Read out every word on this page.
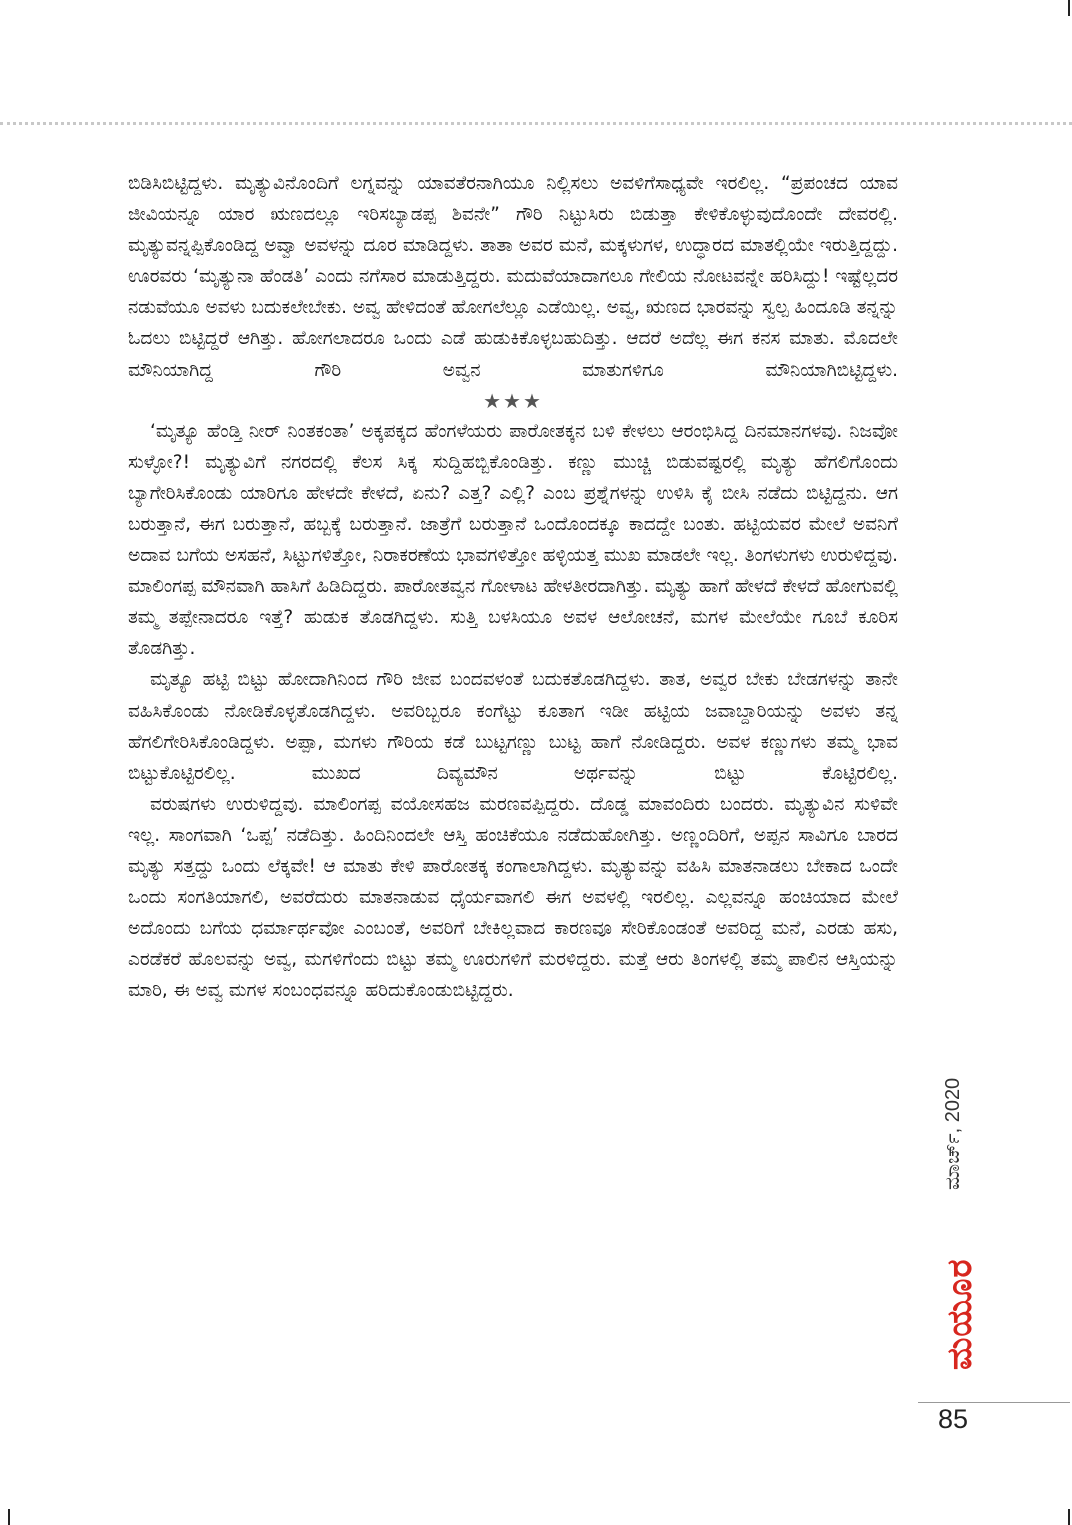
ಬಿಡಿಸಿಬಿಟ್ಟಿದ್ದಳು. ಮೃತ್ಯುವಿನೊಂದಿಗೆ ಲಗ್ನವನ್ನು ಯಾವತೆರನಾಗಿಯೂ ನಿಲ್ಲಿಸಲು ಅವಳಿಗೆಸಾಧ್ಯವೇ ಇರಲಿಲ್ಲ. “ಪ್ರಪಂಚದ ಯಾವ ಜೀವಿಯನ್ನೂ ಯಾರ ಋಣದಲ್ಲೂ ಇರಿಸಬ್ಯಾಡಪ್ಪ ಶಿವನೇ” ಗೌರಿ ನಿಟ್ಟುಸಿರು ಬಿಡುತ್ತಾ ಕೇಳಿಕೊಳ್ಳುವುದೊಂದೇ ದೇವರಲ್ಲಿ. ಮೃತ್ಯುವನ್ನಪ್ಪಿಕೊಂಡಿದ್ದ ಅವ್ವಾ ಅವಳನ್ನು ದೂರ ಮಾಡಿದ್ದಳು. ತಾತಾ ಅವರ ಮನೆ, ಮಕ್ಕಳುಗಳ, ಉದ್ಧಾರದ ಮಾತಲ್ಲಿಯೇ ಇರುತ್ತಿದ್ದದ್ದು. ಊರವರು ‘ಮೃತ್ಯುನಾ ಹೆಂಡತಿ’ ಎಂದು ನಗೆಸಾರ ಮಾಡುತ್ತಿದ್ದರು. ಮದುವೆಯಾದಾಗಲೂ ಗೇಲಿಯ ನೋಟವನ್ನೇ ಹರಿಸಿದ್ದು! ಇಷ್ಟೆಲ್ಲದರ ನಡುವೆಯೂ ಅವಳು ಬದುಕಲೇಬೇಕು. ಅವ್ವ ಹೇಳಿದಂತೆ ಹೋಗಲೆಲ್ಲೂ ಎಡೆಯಿಲ್ಲ. ಅವ್ವ, ಋಣದ ಭಾರವನ್ನು ಸ್ವಲ್ಪ ಹಿಂದೂಡಿ ತನ್ನನ್ನು ಓದಲು ಬಿಟ್ಟಿದ್ದರೆ ಆಗಿತ್ತು. ಹೋಗಲಾದರೂ ಒಂದು ಎಡೆ ಹುಡುಕಿಕೊಳ್ಳಬಹುದಿತ್ತು. ಆದರೆ ಅದೆಲ್ಲ ಈಗ ಕನಸ ಮಾತು. ಮೊದಲೇ ಮೌನಿಯಾಗಿದ್ದ ಗೌರಿ ಅವ್ವನ ಮಾತುಗಳಿಗೂ ಮೌನಿಯಾಗಿಬಿಟ್ಟಿದ್ದಳು.

★★★

‘ಮೃತ್ಯೂ ಹೆಂಡ್ತಿ ನೀರ್ ನಿಂತಕಂತಾ’ ಅಕ್ಕಪಕ್ಕದ ಹೆಂಗಳೆಯರು ಪಾರೋತಕ್ಕನ ಬಳಿ ಕೇಳಲು ಆರಂಭಿಸಿದ್ದ ದಿನಮಾನಗಳವು. ನಿಜವೋ ಸುಳ್ಳೋ?! ಮೃತ್ಯುವಿಗೆ ನಗರದಲ್ಲಿ ಕೆಲಸ ಸಿಕ್ಕ ಸುದ್ದಿಹಬ್ಬಿಕೊಂಡಿತ್ತು. ಕಣ್ಣು ಮುಚ್ಚಿ ಬಿಡುವಷ್ಟರಲ್ಲಿ ಮೃತ್ಯು ಹೆಗಲಿಗೊಂದು ಬ್ಯಾಗೇರಿಸಿಕೊಂಡು ಯಾರಿಗೂ ಹೇಳದೇ ಕೇಳದೆ, ಏನು? ಎತ್ತ? ಎಲ್ಲಿ? ಎಂಬ ಪ್ರಶ್ನೆಗಳನ್ನು ಉಳಿಸಿ ಕೈ ಬೀಸಿ ನಡೆದು ಬಿಟ್ಟಿದ್ದನು. ಆಗ ಬರುತ್ತಾನೆ, ಈಗ ಬರುತ್ತಾನೆ, ಹಬ್ಬಕ್ಕೆ ಬರುತ್ತಾನೆ. ಜಾತ್ರೆಗೆ ಬರುತ್ತಾನೆ ಒಂದೊಂದಕ್ಕೂ ಕಾದದ್ದೇ ಬಂತು. ಹಟ್ಟಿಯವರ ಮೇಲೆ ಅವನಿಗೆ ಅದಾವ ಬಗೆಯ ಅಸಹನೆ, ಸಿಟ್ಟುಗಳಿತ್ತೋ, ನಿರಾಕರಣೆಯ ಭಾವಗಳಿತ್ತೋ ಹಳ್ಳಿಯತ್ತ ಮುಖ ಮಾಡಲೇ ಇಲ್ಲ. ತಿಂಗಳುಗಳು ಉರುಳಿದ್ದವು. ಮಾಲಿಂಗಪ್ಪ ಮೌನವಾಗಿ ಹಾಸಿಗೆ ಹಿಡಿದಿದ್ದರು. ಪಾರೋತವ್ವನ ಗೋಳಾಟ ಹೇಳತೀರದಾಗಿತ್ತು. ಮೃತ್ಯು ಹಾಗೆ ಹೇಳದೆ ಕೇಳದೆ ಹೋಗುವಲ್ಲಿ ತಮ್ಮ ತಪ್ಪೇನಾದರೂ ಇತ್ತೆ? ಹುಡುಕ ತೊಡಗಿದ್ದಳು. ಸುತ್ತಿ ಬಳಸಿಯೂ ಅವಳ ಆಲೋಚನೆ, ಮಗಳ ಮೇಲೆಯೇ ಗೂಬೆ ಕೂರಿಸ ತೊಡಗಿತ್ತು.

ಮೃತ್ಯೂ ಹಟ್ಟಿ ಬಿಟ್ಟು ಹೋದಾಗಿನಿಂದ ಗೌರಿ ಜೀವ ಬಂದವಳಂತೆ ಬದುಕತೊಡಗಿದ್ದಳು. ತಾತ, ಅವ್ವರ ಬೇಕು ಬೇಡಗಳನ್ನು ತಾನೇ ವಹಿಸಿಕೊಂಡು ನೋಡಿಕೊಳ್ಳತೊಡಗಿದ್ದಳು. ಅವರಿಬ್ಬರೂ ಕಂಗೆಟ್ಟು ಕೂತಾಗ ಇಡೀ ಹಟ್ಟಿಯ ಜವಾಬ್ದಾರಿಯನ್ನು ಅವಳು ತನ್ನ ಹೆಗಲಿಗೇರಿಸಿಕೊಂಡಿದ್ದಳು. ಅಪ್ಪಾ, ಮಗಳು ಗೌರಿಯ ಕಡೆ ಬುಟ್ಟಗಣ್ಣು ಬುಟ್ಟ ಹಾಗೆ ನೋಡಿದ್ದರು. ಅವಳ ಕಣ್ಣುಗಳು ತಮ್ಮ ಭಾವ ಬಿಟ್ಟುಕೊಟ್ಟಿರಲಿಲ್ಲ. ಮುಖದ ದಿವ್ಯಮೌನ ಅರ್ಥವನ್ನು ಬಿಟ್ಟು ಕೊಟ್ಟಿರಲಿಲ್ಲ.

ವರುಷಗಳು ಉರುಳಿದ್ದವು. ಮಾಲಿಂಗಪ್ಪ ವಯೋಸಹಜ ಮರಣವಪ್ಪಿದ್ದರು. ದೊಡ್ಡ ಮಾವಂದಿರು ಬಂದರು. ಮೃತ್ಯುವಿನ ಸುಳಿವೇ ಇಲ್ಲ. ಸಾಂಗವಾಗಿ ‘ಒಪ್ಪ’ ನಡೆದಿತ್ತು. ಹಿಂದಿನಿಂದಲೇ ಆಸ್ತಿ ಹಂಚಿಕೆಯೂ ನಡೆದುಹೋಗಿತ್ತು. ಅಣ್ಣಂದಿರಿಗೆ, ಅಪ್ಪನ ಸಾವಿಗೂ ಬಾರದ ಮೃತ್ಯು ಸತ್ತದ್ದು ಒಂದು ಲೆಕ್ಕವೇ! ಆ ಮಾತು ಕೇಳಿ ಪಾರೋತಕ್ಕ ಕಂಗಾಲಾಗಿದ್ದಳು. ಮೃತ್ಯುವನ್ನು ವಹಿಸಿ ಮಾತನಾಡಲು ಬೇಕಾದ ಒಂದೇ ಒಂದು ಸಂಗತಿಯಾಗಲಿ, ಅವರೆದುರು ಮಾತನಾಡುವ ಧೈರ್ಯವಾಗಲಿ ಈಗ ಅವಳಲ್ಲಿ ಇರಲಿಲ್ಲ. ಎಲ್ಲವನ್ನೂ ಹಂಚಿಯಾದ ಮೇಲೆ ಅದೊಂದು ಬಗೆಯ ಧರ್ಮಾರ್ಥವೋ ಎಂಬಂತೆ, ಅವರಿಗೆ ಬೇಕಿಲ್ಲವಾದ ಕಾರಣವೂ ಸೇರಿಕೊಂಡಂತೆ ಅವರಿದ್ದ ಮನೆ, ಎರಡು ಹಸು, ಎರಡೆಕರೆ ಹೊಲವನ್ನು ಅವ್ವ, ಮಗಳಿಗೆಂದು ಬಿಟ್ಟು ತಮ್ಮ ಊರುಗಳಿಗೆ ಮರಳಿದ್ದರು. ಮತ್ತೆ ಆರು ತಿಂಗಳಲ್ಲಿ ತಮ್ಮ ಪಾಲಿನ ಆಸ್ತಿಯನ್ನು ಮಾರಿ, ಈ ಅವ್ವ ಮಗಳ ಸಂಬಂಧವನ್ನೂ ಹರಿದುಕೊಂಡುಬಿಟ್ಟಿದ್ದರು.

ಮಾರ್ಚ್, 2020
ಮಯೂರ
85
